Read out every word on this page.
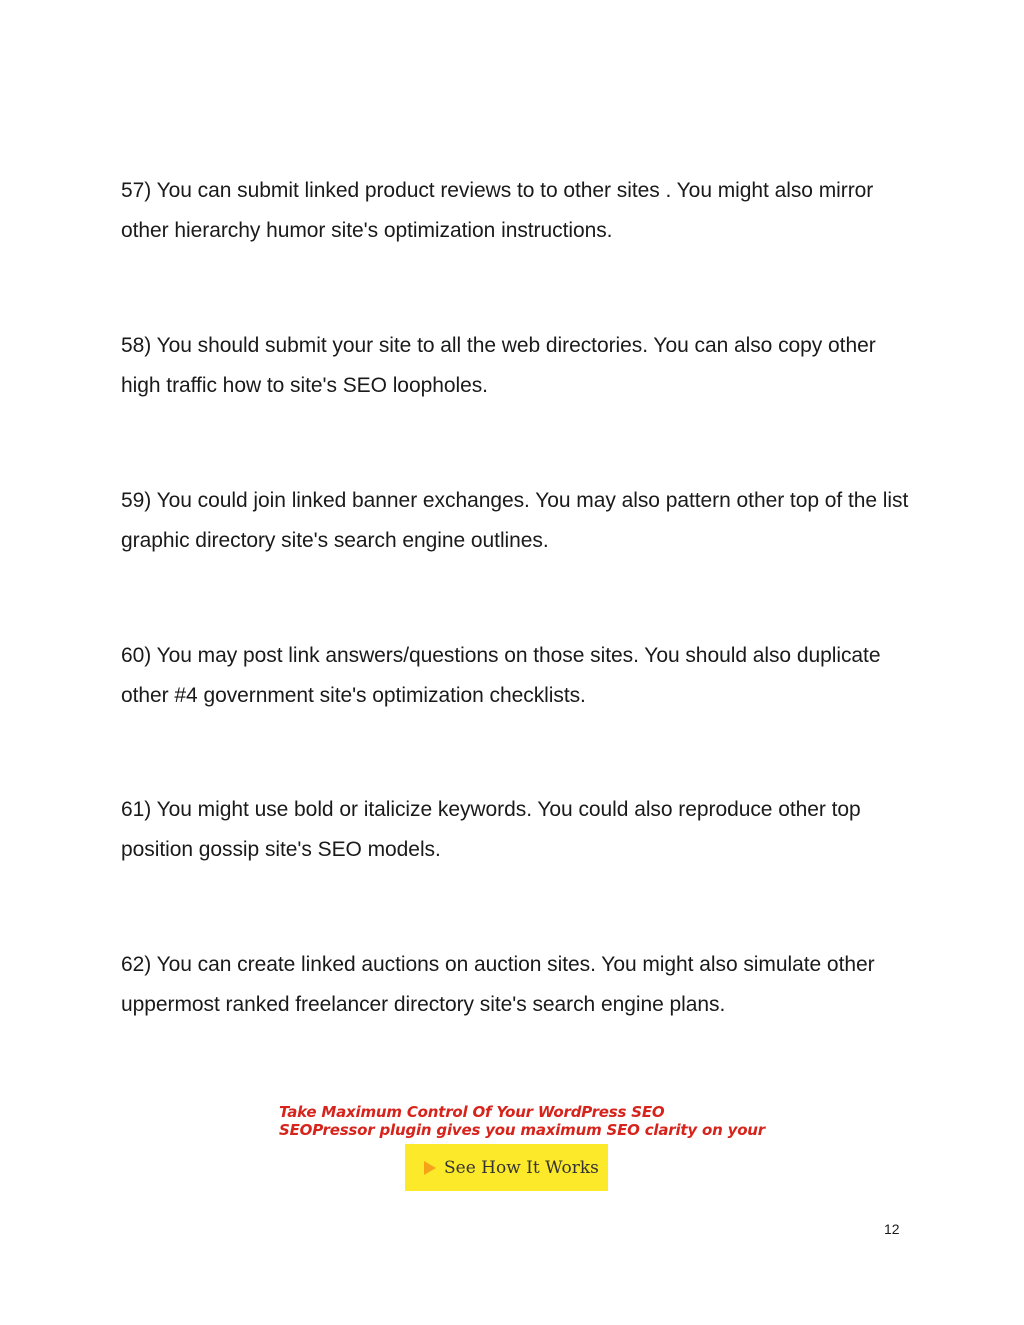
57) You can submit linked product reviews to to other sites . You might also mirror other hierarchy humor site's optimization instructions.

58) You should submit your site to all the web directories. You can also copy other high traffic how to site's SEO loopholes.

59) You could join linked banner exchanges. You may also pattern other top of the list graphic directory site's search engine outlines.

60) You may post link answers/questions on those sites. You should also duplicate other #4 government site's optimization checklists.

61) You might use bold or italicize keywords. You could also reproduce other top position gossip site's SEO models.

62) You can create linked auctions on auction sites. You might also simulate other uppermost ranked freelancer directory site's search engine plans.

Take Maximum Control Of Your WordPress SEO
SEOPressor plugin gives you maximum SEO clarity on your
See How It Works
12
